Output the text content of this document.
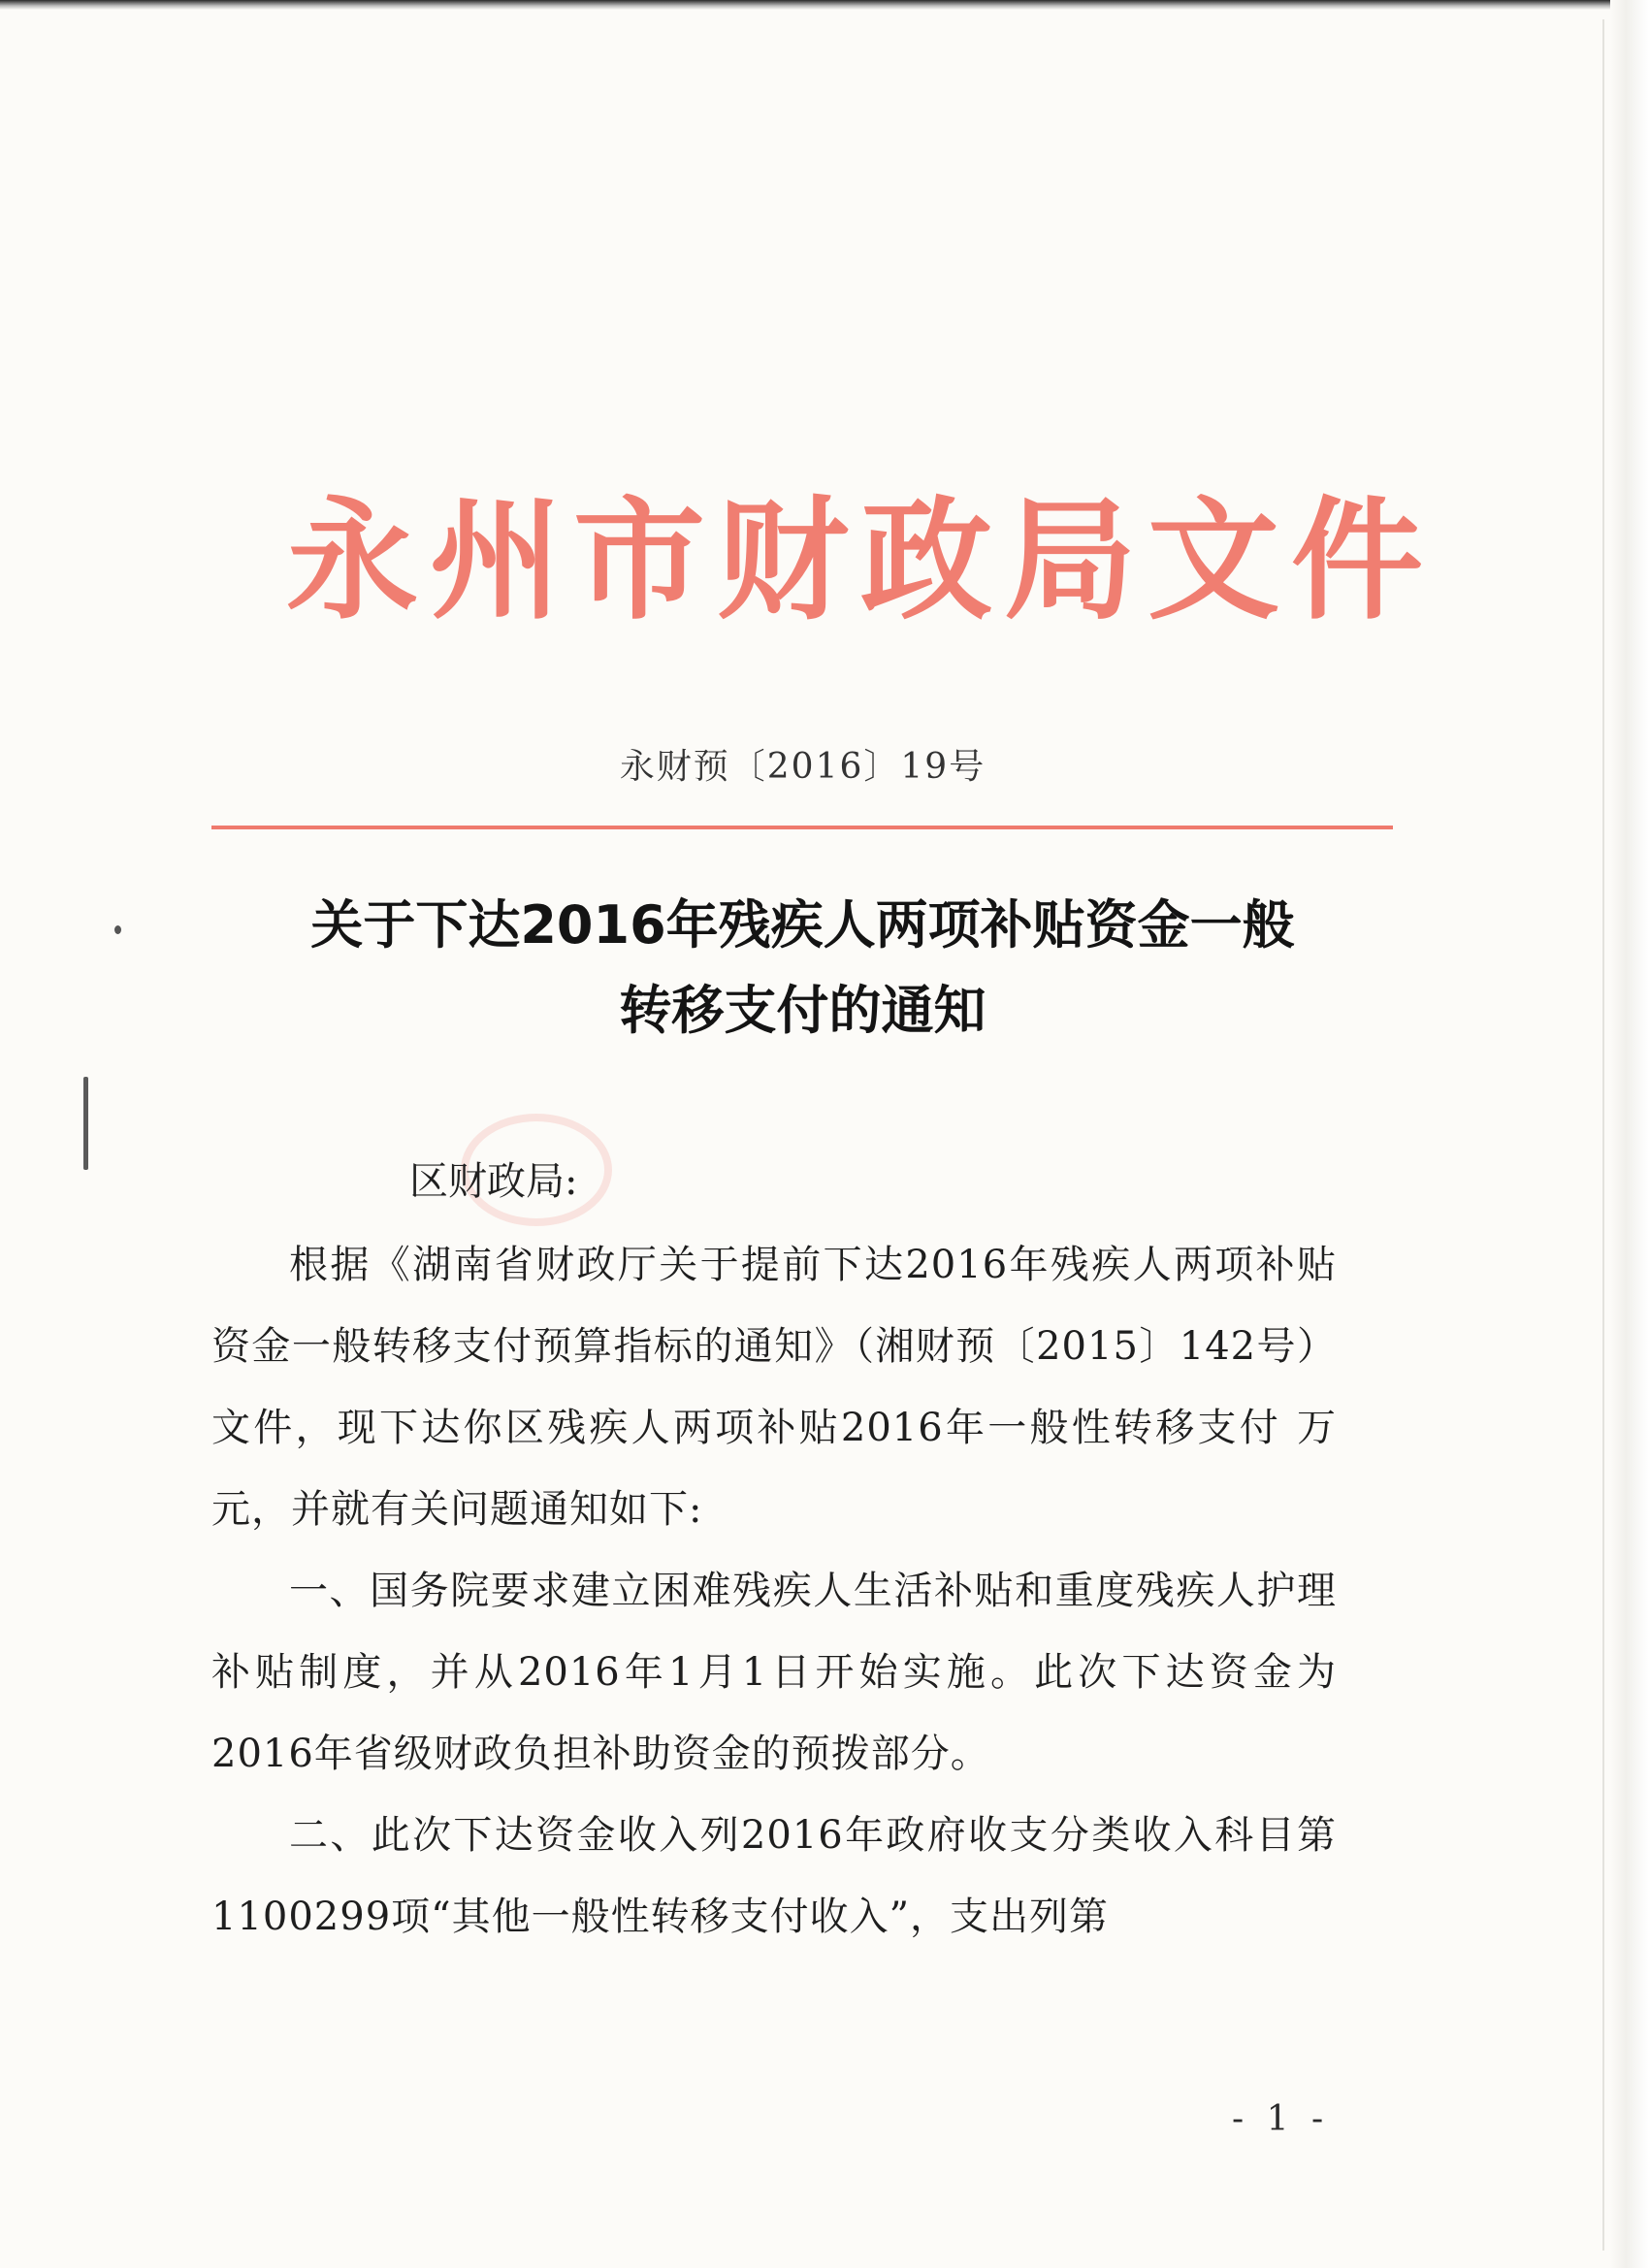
永州市财政局文件
永财预〔2016〕19号
关于下达2016年残疾人两项补贴资金一般
转移支付的通知
区财政局:

根据《湖南省财政厅关于提前下达2016年残疾人两项补贴资金一般转移支付预算指标的通知》（湘财预〔2015〕142号）文件，现下达你区残疾人两项补贴2016年一般性转移支付 万元，并就有关问题通知如下:

一、国务院要求建立困难残疾人生活补贴和重度残疾人护理补贴制度，并从2016年1月1日开始实施。此次下达资金为2016年省级财政负担补助资金的预拨部分。

二、此次下达资金收入列2016年政府收支分类收入科目第1100299项“其他一般性转移支付收入”，支出列第

- 1 -
